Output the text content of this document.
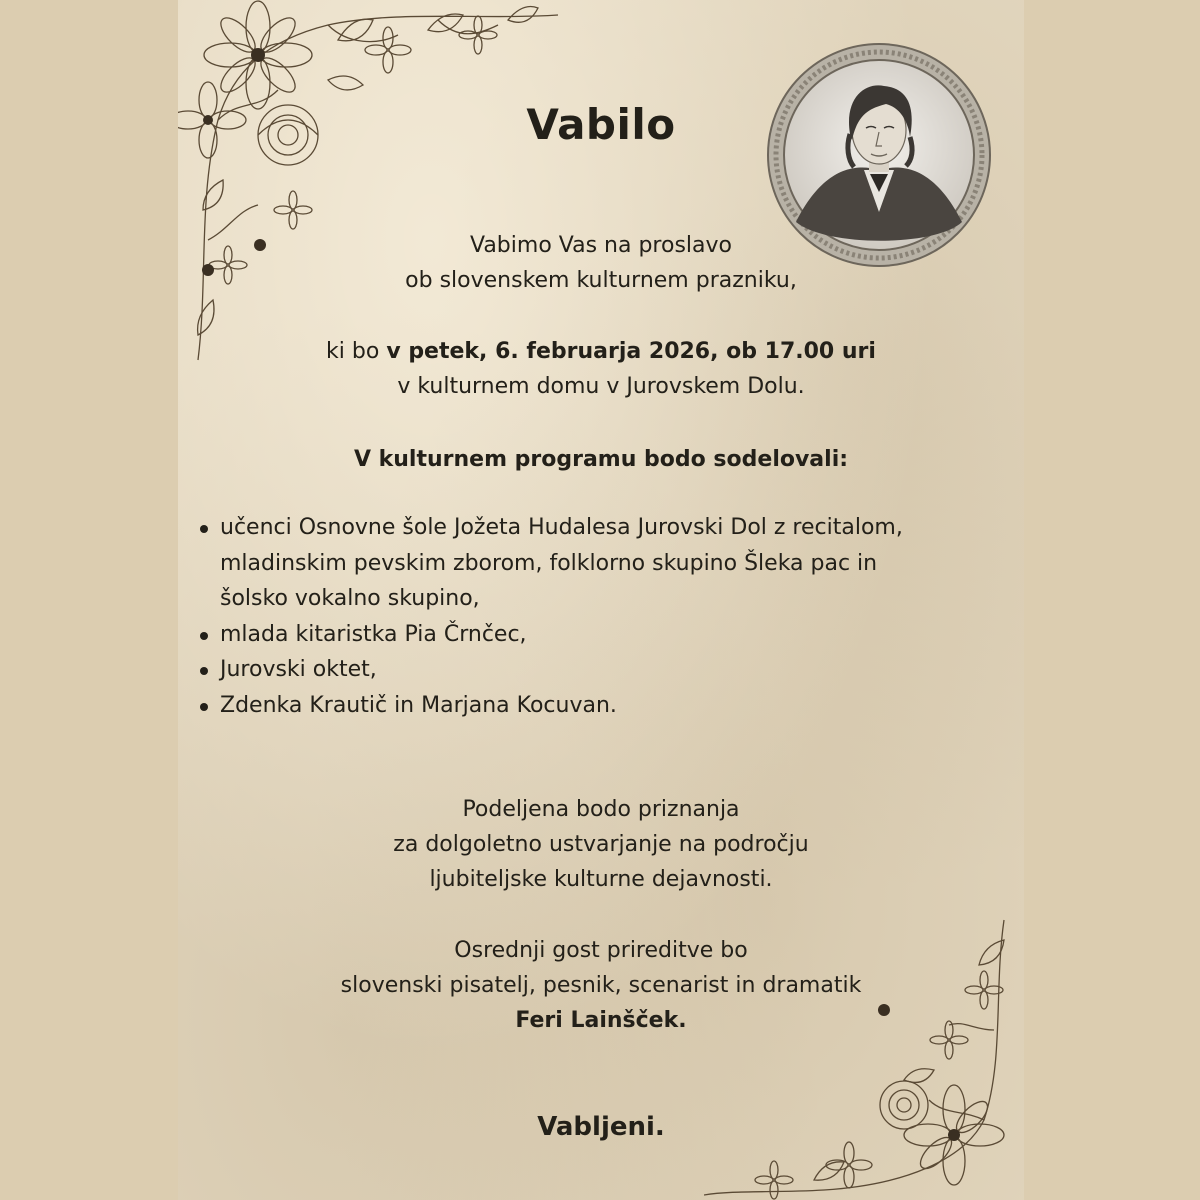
Vabilo
Vabimo Vas na proslavo
ob slovenskem kulturnem prazniku,
ki bo v petek, 6. februarja 2026, ob 17.00 uri
v kulturnem domu v Jurovskem Dolu.
V kulturnem programu bodo sodelovali:
učenci Osnovne šole Jožeta Hudalesa Jurovski Dol z recitalom,
mladinskim pevskim zborom, folklorno skupino Šleka pac in
šolsko vokalno skupino,
mlada kitaristka Pia Črnčec,
Jurovski oktet,
Zdenka Krautič in Marjana Kocuvan.
Podeljena bodo priznanja
za dolgoletno ustvarjanje na področju
ljubiteljske kulturne dejavnosti.
Osrednji gost prireditve bo
slovenski pisatelj, pesnik, scenarist in dramatik
Feri Lainšček.
Vabljeni.
